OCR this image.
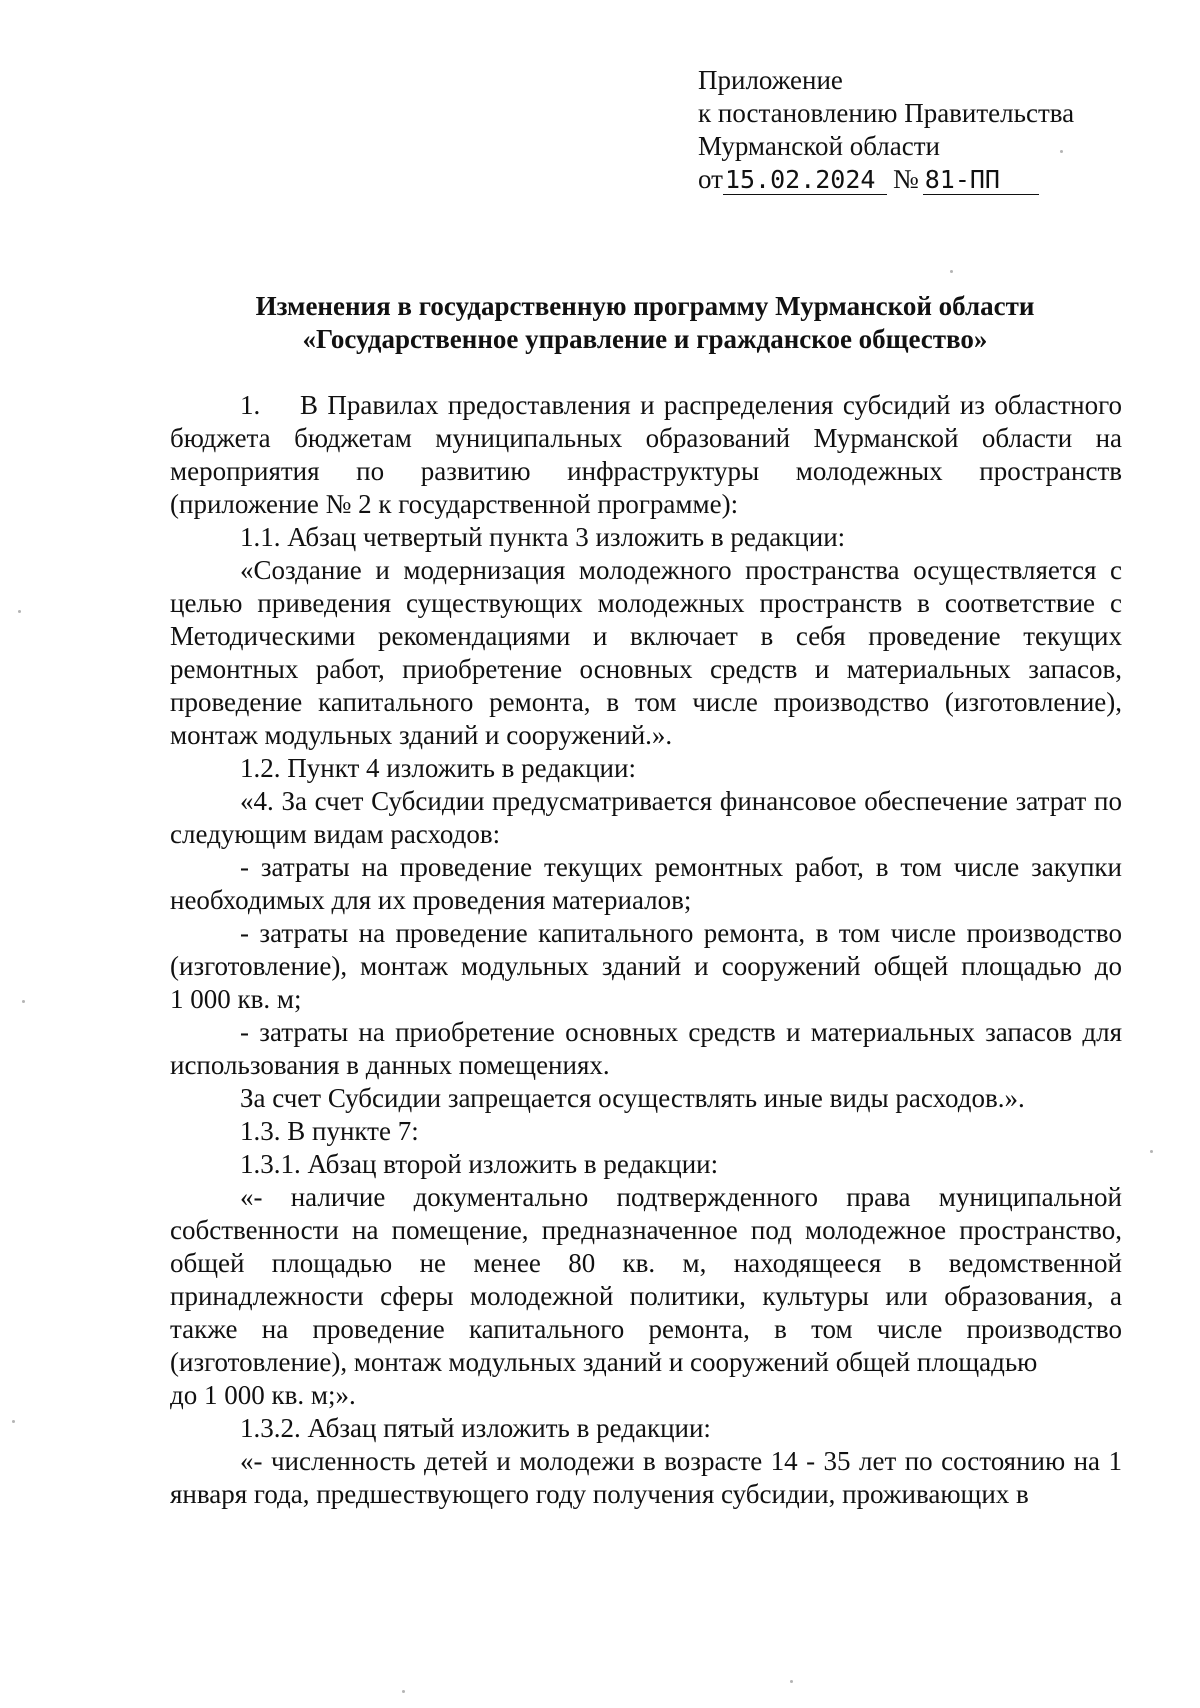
Приложение
к постановлению Правительства
Мурманской области
от15.02.2024 № 81-ПП
Изменения в государственную программу Мурманской области
«Государственное управление и гражданское общество»

1. В Правилах предоставления и распределения субсидий из областного бюджета бюджетам муниципальных образований Мурманской области на мероприятия по развитию инфраструктуры молодежных пространств (приложение № 2 к государственной программе):

1.1. Абзац четвертый пункта 3 изложить в редакции:

«Создание и модернизация молодежного пространства осуществляется с целью приведения существующих молодежных пространств в соответствие с Методическими рекомендациями и включает в себя проведение текущих ремонтных работ, приобретение основных средств и материальных запасов, проведение капитального ремонта, в том числе производство (изготовление), монтаж модульных зданий и сооружений.».

1.2. Пункт 4 изложить в редакции:

«4. За счет Субсидии предусматривается финансовое обеспечение затрат по следующим видам расходов:

- затраты на проведение текущих ремонтных работ, в том числе закупки необходимых для их проведения материалов;

- затраты на проведение капитального ремонта, в том числе производство (изготовление), монтаж модульных зданий и сооружений общей площадью до

1 000 кв. м;

- затраты на приобретение основных средств и материальных запасов для использования в данных помещениях.

За счет Субсидии запрещается осуществлять иные виды расходов.».

1.3. В пункте 7:

1.3.1. Абзац второй изложить в редакции:

«- наличие документально подтвержденного права муниципальной собственности на помещение, предназначенное под молодежное пространство, общей площадью не менее 80 кв. м, находящееся в ведомственной принадлежности сферы молодежной политики, культуры или образования, а также на проведение капитального ремонта, в том числе производство (изготовление), монтаж модульных зданий и сооружений общей площадью

до 1 000 кв. м;».

1.3.2. Абзац пятый изложить в редакции:

«- численность детей и молодежи в возрасте 14 - 35 лет по состоянию на 1 января года, предшествующего году получения субсидии, проживающих в
